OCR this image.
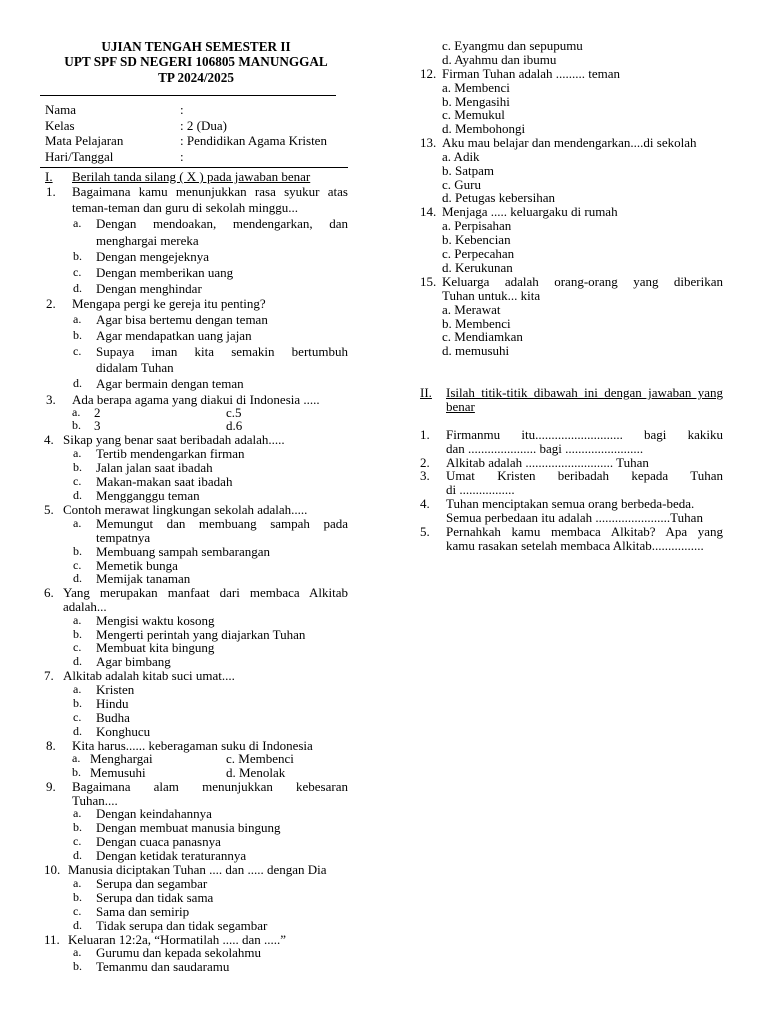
UJIAN TENGAH SEMESTER II
UPT SPF SD NEGERI 106805 MANUNGGAL
TP 2024/2025
Nama	:
Kelas	: 2 (Dua)
Mata Pelajaran	: Pendidikan Agama Kristen
Hari/Tanggal	:
I. Berilah tanda silang ( X ) pada jawaban benar
1. Bagaimana kamu menunjukkan rasa syukur atas
teman-teman dan guru di sekolah minggu...
a. Dengan mendoakan, mendengarkan, dan
menghargai mereka
b. Dengan mengejeknya
c. Dengan memberikan uang
d. Dengan menghindar
2. Mengapa pergi ke gereja itu penting?
a. Agar bisa bertemu dengan teman
b. Agar mendapatkan uang jajan
c. Supaya iman kita semakin bertumbuh
didalam Tuhan
d. Agar bermain dengan teman
3. Ada berapa agama yang diakui di Indonesia .....
a. 2	c.5
b. 3	d.6
4. Sikap yang benar saat beribadah adalah.....
a. Tertib mendengarkan firman
b. Jalan jalan saat ibadah
c. Makan-makan saat ibadah
d. Mengganggu teman
5. Contoh merawat lingkungan sekolah adalah.....
a. Memungut dan membuang sampah pada
tempatnya
b. Membuang sampah sembarangan
c. Memetik bunga
d. Memijak tanaman
6. Yang merupakan manfaat dari membaca Alkitab
adalah...
a. Mengisi waktu kosong
b. Mengerti perintah yang diajarkan Tuhan
c. Membuat kita bingung
d. Agar bimbang
7. Alkitab adalah kitab suci umat....
a. Kristen
b. Hindu
c. Budha
d. Konghucu
8. Kita harus...... keberagaman suku di Indonesia
a. Menghargai	c. Membenci
b. Memusuhi	d. Menolak
9. Bagaimana alam menunjukkan kebesaran
Tuhan....
a. Dengan keindahannya
b. Dengan membuat manusia bingung
c. Dengan cuaca panasnya
d. Dengan ketidak teraturannya
10. Manusia diciptakan Tuhan .... dan ..... dengan Dia
a. Serupa dan segambar
b. Serupa dan tidak sama
c. Sama dan semirip
d. Tidak serupa dan tidak segambar
11. Keluaran 12:2a, “Hormatilah ..... dan .....”
a. Gurumu dan kepada sekolahmu
b. Temanmu dan saudaramu
c. Eyangmu dan sepupumu
d. Ayahmu dan ibumu
12. Firman Tuhan adalah ......... teman
a. Membenci
b. Mengasihi
c. Memukul
d. Membohongi
13. Aku mau belajar dan mendengarkan....di sekolah
a. Adik
b. Satpam
c. Guru
d. Petugas kebersihan
14. Menjaga ..... keluargaku di rumah
a. Perpisahan
b. Kebencian
c. Perpecahan
d. Kerukunan
15. Keluarga adalah orang-orang yang diberikan
Tuhan untuk... kita
a. Merawat
b. Membenci
c. Mendiamkan
d. memusuhi
II. Isilah titik-titik dibawah ini dengan jawaban yang
benar
1. Firmanmu itu........................... bagi kakiku
dan ..................... bagi ........................
2. Alkitab adalah ........................... Tuhan
3. Umat Kristen beribadah kepada Tuhan
di .................
4. Tuhan menciptakan semua orang berbeda-beda.
Semua perbedaan itu adalah .......................Tuhan
5. Pernahkah kamu membaca Alkitab? Apa yang
kamu rasakan setelah membaca Alkitab................
